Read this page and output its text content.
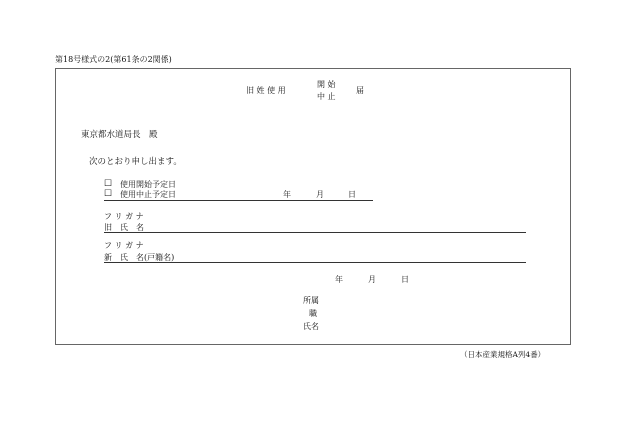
第18号様式の2(第61条の2関係)
旧 姓 使 用
開 始
中 止
届
東京都水道局長　殿
次のとおり申し出ます。
☐ 使用開始予定日
☐ 使用中止予定日	年	月	日
フ リ ガ ナ
旧　氏　名
フ リ ガ ナ
新　氏　名(戸籍名)
年	月	日
所属
職
氏名
（日本産業規格A列4番）
